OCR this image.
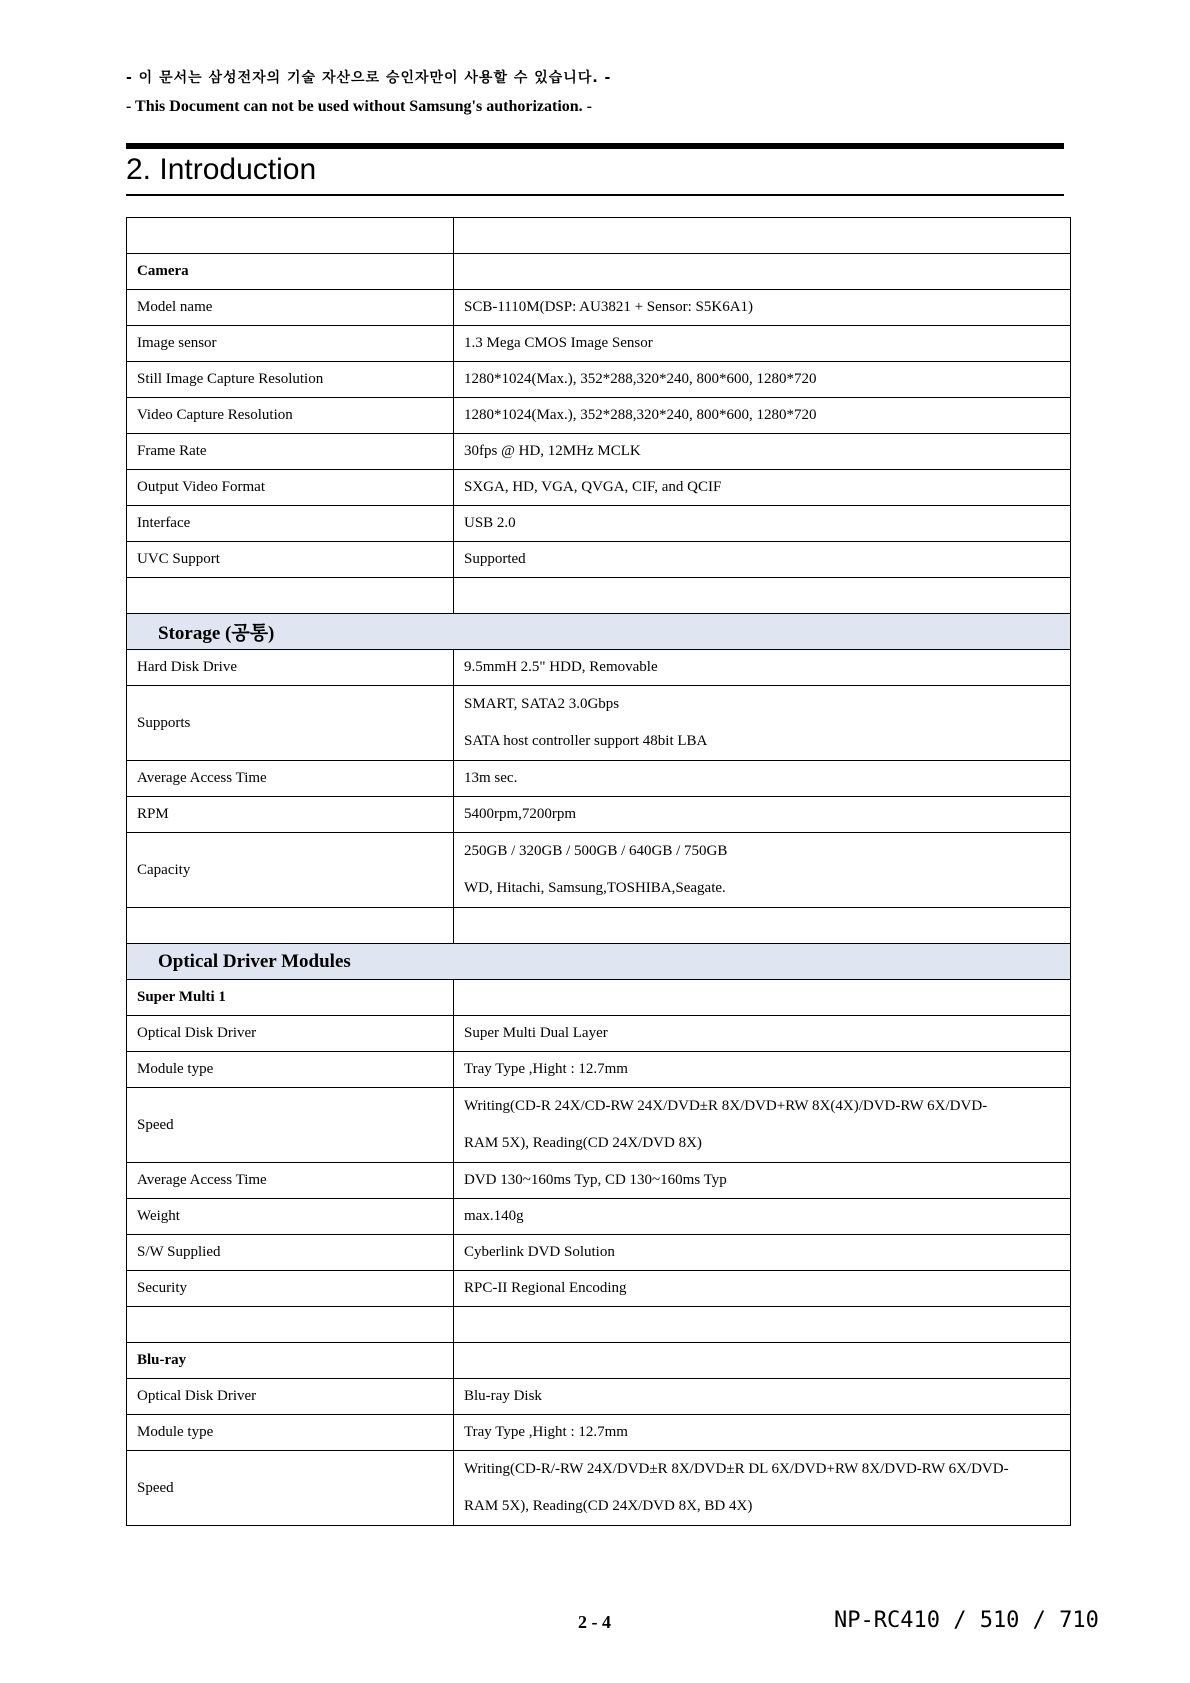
- 이 문서는 삼성전자의 기술 자산으로 승인자만이 사용할 수 있습니다. -
- This Document can not be used without Samsung's authorization. -
2. Introduction

Camera	
Model name	SCB-1110M(DSP: AU3821 + Sensor: S5K6A1)
Image sensor	1.3 Mega CMOS Image Sensor
Still Image Capture Resolution	1280*1024(Max.), 352*288,320*240, 800*600, 1280*720
Video Capture Resolution	1280*1024(Max.), 352*288,320*240, 800*600, 1280*720
Frame Rate	30fps @ HD, 12MHz MCLK
Output Video Format	SXGA, HD, VGA, QVGA, CIF, and QCIF
Interface	USB 2.0
UVC Support	Supported

Storage (공통)	
Hard Disk Drive	9.5mmH 2.5" HDD, Removable
Supports	SMART, SATA2 3.0Gbps
SATA host controller support 48bit LBA

Average Access Time	13m sec.
RPM	5400rpm,7200rpm
Capacity	250GB / 320GB / 500GB / 640GB / 750GB
WD, Hitachi, Samsung,TOSHIBA,Seagate.

Optical Driver Modules	
Super Multi 1	
Optical Disk Driver	Super Multi Dual Layer
Module type	Tray Type ,Hight : 12.7mm
Speed	Writing(CD-R 24X/CD-RW 24X/DVD±R 8X/DVD+RW 8X(4X)/DVD-RW 6X/DVD-
RAM 5X), Reading(CD 24X/DVD 8X)

Average Access Time	DVD 130~160ms Typ, CD 130~160ms Typ
Weight	max.140g
S/W Supplied	Cyberlink DVD Solution
Security	RPC-II Regional Encoding

Blu-ray	
Optical Disk Driver	Blu-ray Disk
Module type	Tray Type ,Hight : 12.7mm
Speed	Writing(CD-R/-RW 24X/DVD±R 8X/DVD±R DL 6X/DVD+RW 8X/DVD-RW 6X/DVD-
RAM 5X), Reading(CD 24X/DVD 8X, BD 4X)
2 - 4	NP-RC410 / 510 / 710
